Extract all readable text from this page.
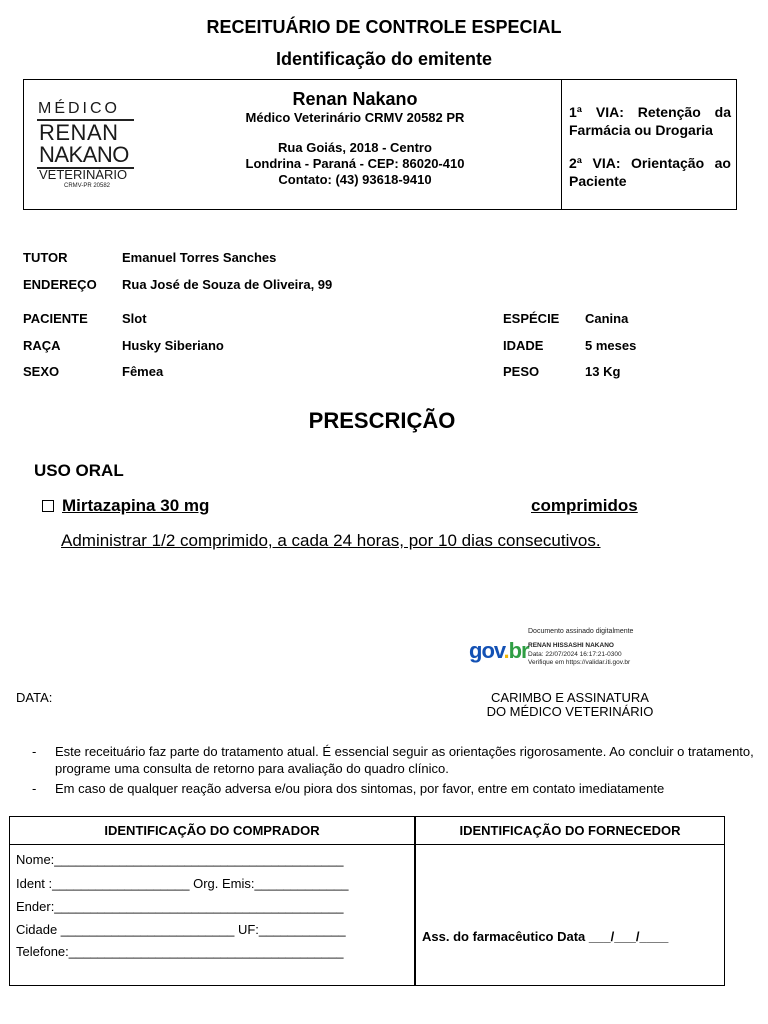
RECEITUÁRIO DE CONTROLE ESPECIAL
Identificação do emitente
MÉDICO
RENAN
NAKANO
VETERINÁRIO
CRMV-PR 20582
Renan Nakano
Médico Veterinário CRMV 20582 PR
Rua Goiás, 2018 - Centro
Londrina - Paraná - CEP: 86020-410
Contato: (43) 93618-9410
1ª VIA: Retenção da Farmácia ou Drogaria
2ª VIA: Orientação ao Paciente
TUTOR	Emanuel Torres Sanches
ENDEREÇO Rua José de Souza de Oliveira, 99
PACIENTE	Slot
RAÇA	Husky Siberiano
SEXO	Fêmea
ESPÉCIE Canina
IDADE	5 meses
PESO	13 Kg
PRESCRIÇÃO
USO ORAL
Mirtazapina 30 mg	comprimidos
Administrar 1/2 comprimido, a cada 24 horas, por 10 dias consecutivos.
gov.br
Documento assinado digitalmente
RENAN HISSASHI NAKANO
Data: 22/07/2024 16:17:21-0300
Verifique em https://validar.iti.gov.br
DATA:	CARIMBO E ASSINATURA
DO MÉDICO VETERINÁRIO
- Este receituário faz parte do tratamento atual. É essencial seguir as orientações rigorosamente. Ao concluir o tratamento, programe uma consulta de retorno para avaliação do quadro clínico.
- Em caso de qualquer reação adversa e/ou piora dos sintomas, por favor, entre em contato imediatamente
IDENTIFICAÇÃO DO COMPRADOR	IDENTIFICAÇÃO DO FORNECEDOR
Nome:________________________________________
Ident :___________________ Org. Emis:_____________
Ender:________________________________________
Cidade ________________________ UF:____________
Telefone:______________________________________
Ass. do farmacêutico Data ___/___/____
